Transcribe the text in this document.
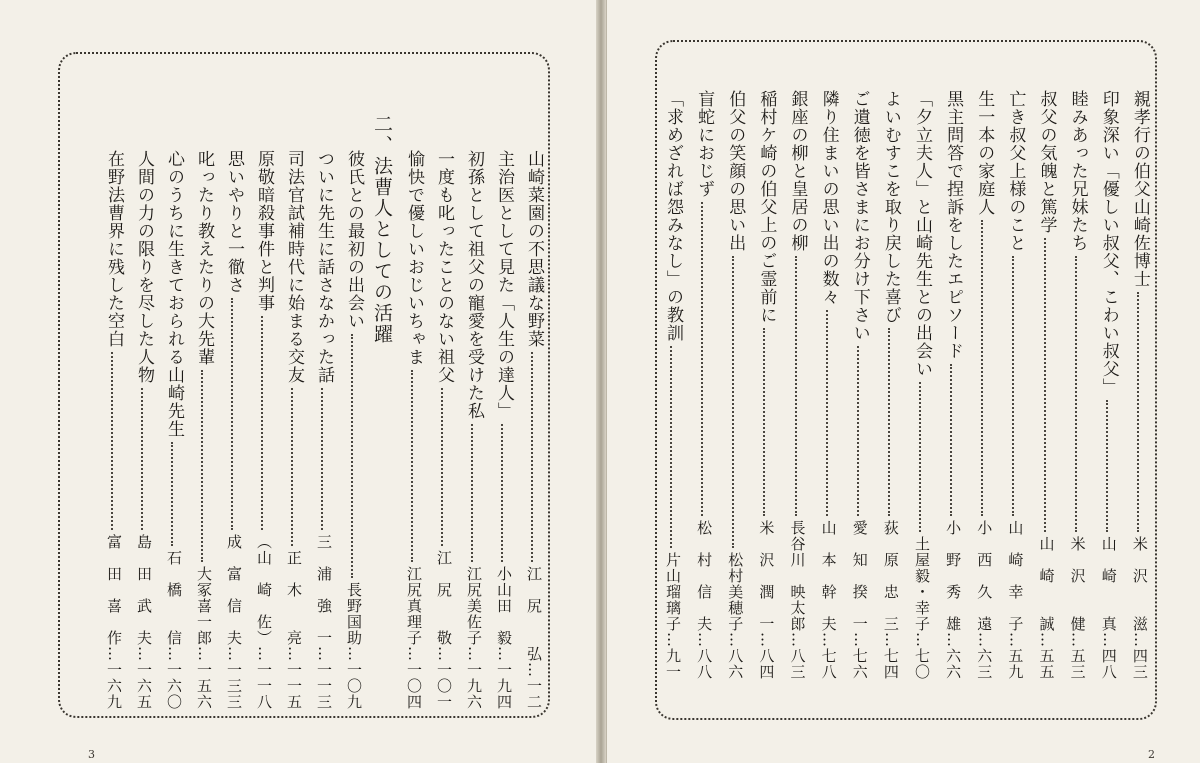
山崎菜園の不思議な野菜
江　尻　　弘…一二
主治医として見た「人生の達人」
小山田　毅…一九四
初孫として祖父の寵愛を受けた私
江尻美佐子…一九六
一度も叱ったことのない祖父
江　尻　　敬…一〇一
愉快で優しいおじいちゃま
江尻真理子…一〇四
二、法曹人としての活躍
彼氏との最初の出会い
長野国助…一〇九
ついに先生に話さなかった話
三　浦　強　一…一一三
司法官試補時代に始まる交友
正　木　　亮…一一五
原敬暗殺事件と判事
（山　崎　佐）…一一八
思いやりと一徹さ
成　富　信　夫…一三三
叱ったり教えたりの大先輩
大冢喜一郎…一五六
心のうちに生きておられる山崎先生
石　橋　　信…一六〇
人間の力の限りを尽した人物
島　田　武　夫…一六五
在野法曹界に残した空白
富　田　喜　作…一六九
3
親孝行の伯父山崎佐博士
米　沢　　滋…四三
印象深い「優しい叔父、こわい叔父」
山　崎　　真…四八
睦みあった兄妹たち
米　沢　　健…五三
叔父の気魄と篤学
山　崎　　誠…五五
亡き叔父上様のこと
山　崎　幸　子…五九
生一本の家庭人
小　西　久　遠…六三
黒主問答で捏訴をしたエピソード
小　野　秀　雄…六六
「夕立夫人」と山崎先生との出会い
土屋毅・幸子…七〇
よいむすこを取り戻した喜び
荻　原　忠　三…七四
ご遺徳を皆さまにお分け下さい
愛　知　揆　一…七六
隣り住まいの思い出の数々
山　本　幹　夫…七八
銀座の柳と皇居の柳
長谷川　映太郎…八三
稲村ケ崎の伯父上のご霊前に
米　沢　潤　一…八四
伯父の笑顔の思い出
松村美穂子…八六
盲蛇におじず
松　村　信　夫…八八
「求めざれば怨みなし」の教訓
片山瑠璃子…九一
2
